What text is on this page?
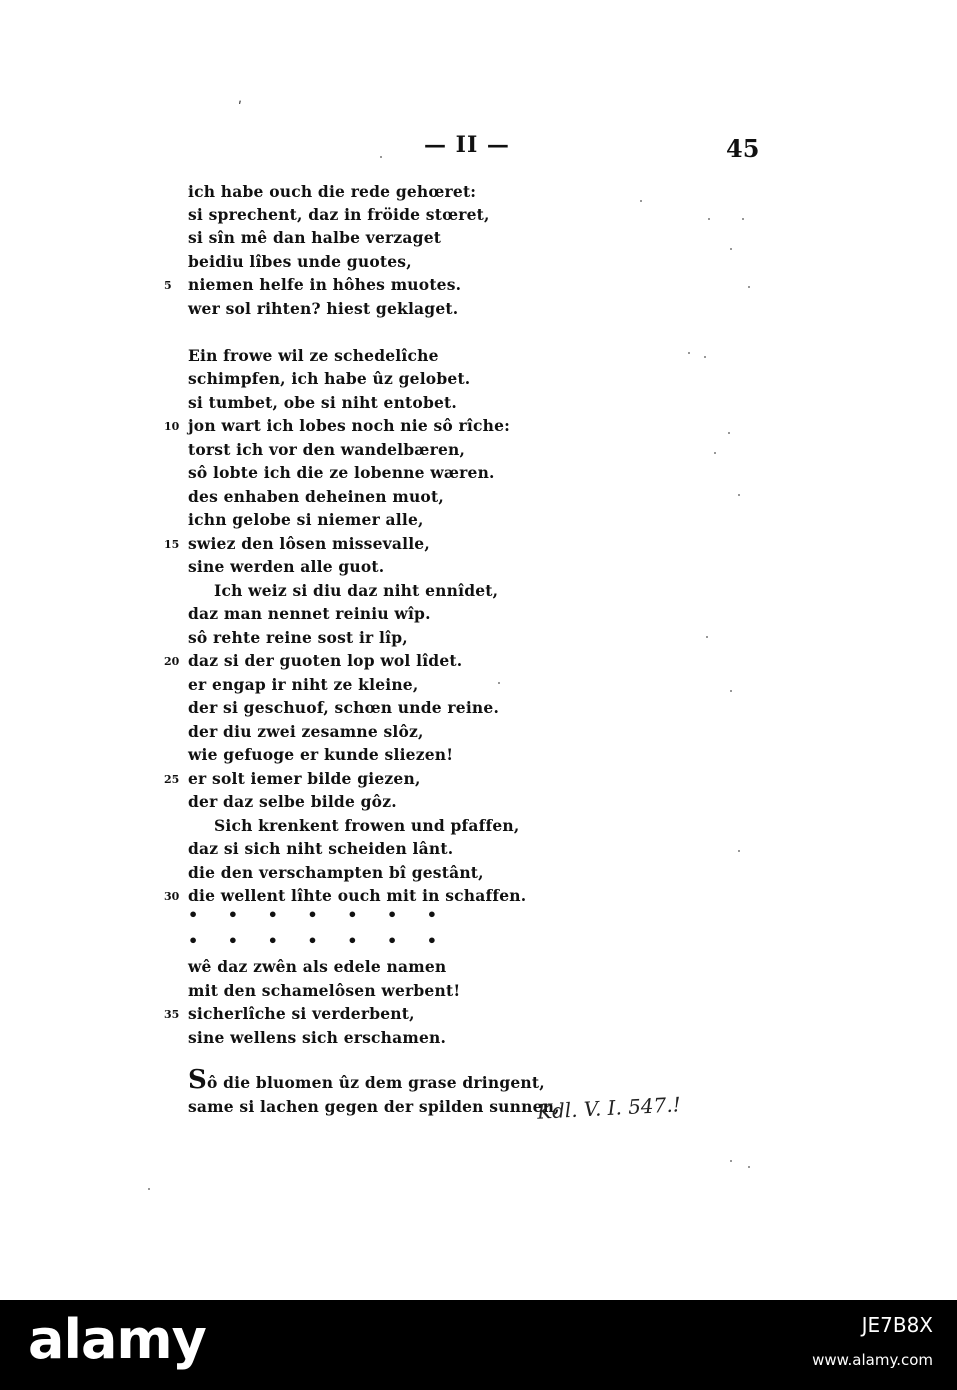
ʹ
— II —	45
ich habe ouch die rede gehœret:
si sprechent, daz in fröide stœret,
si sîn mê dan halbe verzaget
beidiu lîbes unde guotes,
5 niemen helfe in hôhes muotes.
wer sol rihten? hiest geklaget.
Ein frowe wil ze schedelîche
schimpfen, ich habe ûz gelobet.
si tumbet, obe si niht entobet.
10 jon wart ich lobes noch nie sô rîche:
torst ich vor den wandelbæren,
sô lobte ich die ze lobenne wæren.
des enhaben deheinen muot,
ichn gelobe si niemer alle,
15 swiez den lôsen missevalle,
sine werden alle guot.
Ich weiz si diu daz niht ennîdet,
daz man nennet reiniu wîp.
sô rehte reine sost ir lîp,
20 daz si der guoten lop wol lîdet.
er engap ir niht ze kleine,
der si geschuof, schœn unde reine.
der diu zwei zesamne slôz,
wie gefuoge er kunde sliezen!
25 er solt iemer bilde giezen,
der daz selbe bilde gôz.
Sich krenkent frowen und pfaffen,
daz si sich niht scheiden lânt.
die den verschampten bî gestânt,
30 die wellent lîhte ouch mit in schaffen.
• • • • • • •
• • • • • • •
wê daz zwên als edele namen
mit den schamelôsen werbent!
35 sicherlîche si verderbent,
sine wellens sich erschamen.
Sô die bluomen ûz dem grase dringent,
same si lachen gegen der spilden sunnen,
Kdl. V. I. 547.!
alamy	JE7B8X
www.alamy.com
